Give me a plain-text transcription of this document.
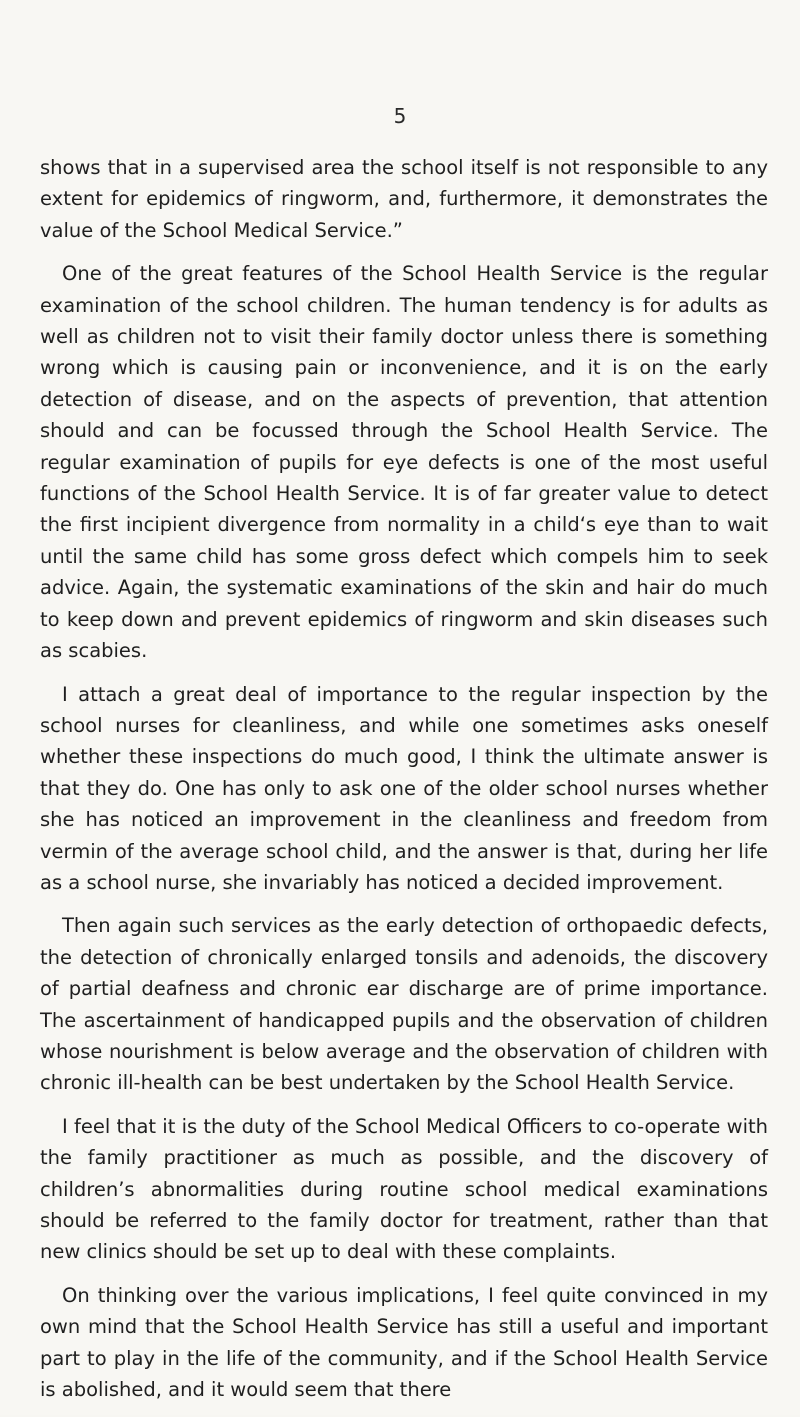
5

shows that in a supervised area the school itself is not responsible to any extent for epidemics of ringworm, and, furthermore, it demonstrates the value of the School Medical Service.”

One of the great features of the School Health Service is the regular examination of the school children. The human tendency is for adults as well as children not to visit their family doctor unless there is something wrong which is causing pain or inconvenience, and it is on the early detection of disease, and on the aspects of prevention, that attention should and can be focussed through the School Health Service. The regular examination of pupils for eye defects is one of the most useful functions of the School Health Service. It is of far greater value to detect the first incipient divergence from normality in a child‘s eye than to wait until the same child has some gross defect which compels him to seek advice. Again, the systematic examinations of the skin and hair do much to keep down and prevent epidemics of ringworm and skin diseases such as scabies.

I attach a great deal of importance to the regular inspection by the school nurses for cleanliness, and while one sometimes asks oneself whether these inspections do much good, I think the ultimate answer is that they do. One has only to ask one of the older school nurses whether she has noticed an improvement in the cleanliness and freedom from vermin of the average school child, and the answer is that, during her life as a school nurse, she invariably has noticed a decided improvement.

Then again such services as the early detection of orthopaedic defects, the detection of chronically enlarged tonsils and adenoids, the discovery of partial deafness and chronic ear discharge are of prime importance. The ascertainment of handicapped pupils and the observation of children whose nourishment is below average and the observation of children with chronic ill-health can be best undertaken by the School Health Service.

I feel that it is the duty of the School Medical Officers to co-operate with the family practitioner as much as possible, and the discovery of children’s abnormalities during routine school medical examinations should be referred to the family doctor for treatment, rather than that new clinics should be set up to deal with these complaints.

On thinking over the various implications, I feel quite convinced in my own mind that the School Health Service has still a useful and important part to play in the life of the community, and if the School Health Service is abolished, and it would seem that there
